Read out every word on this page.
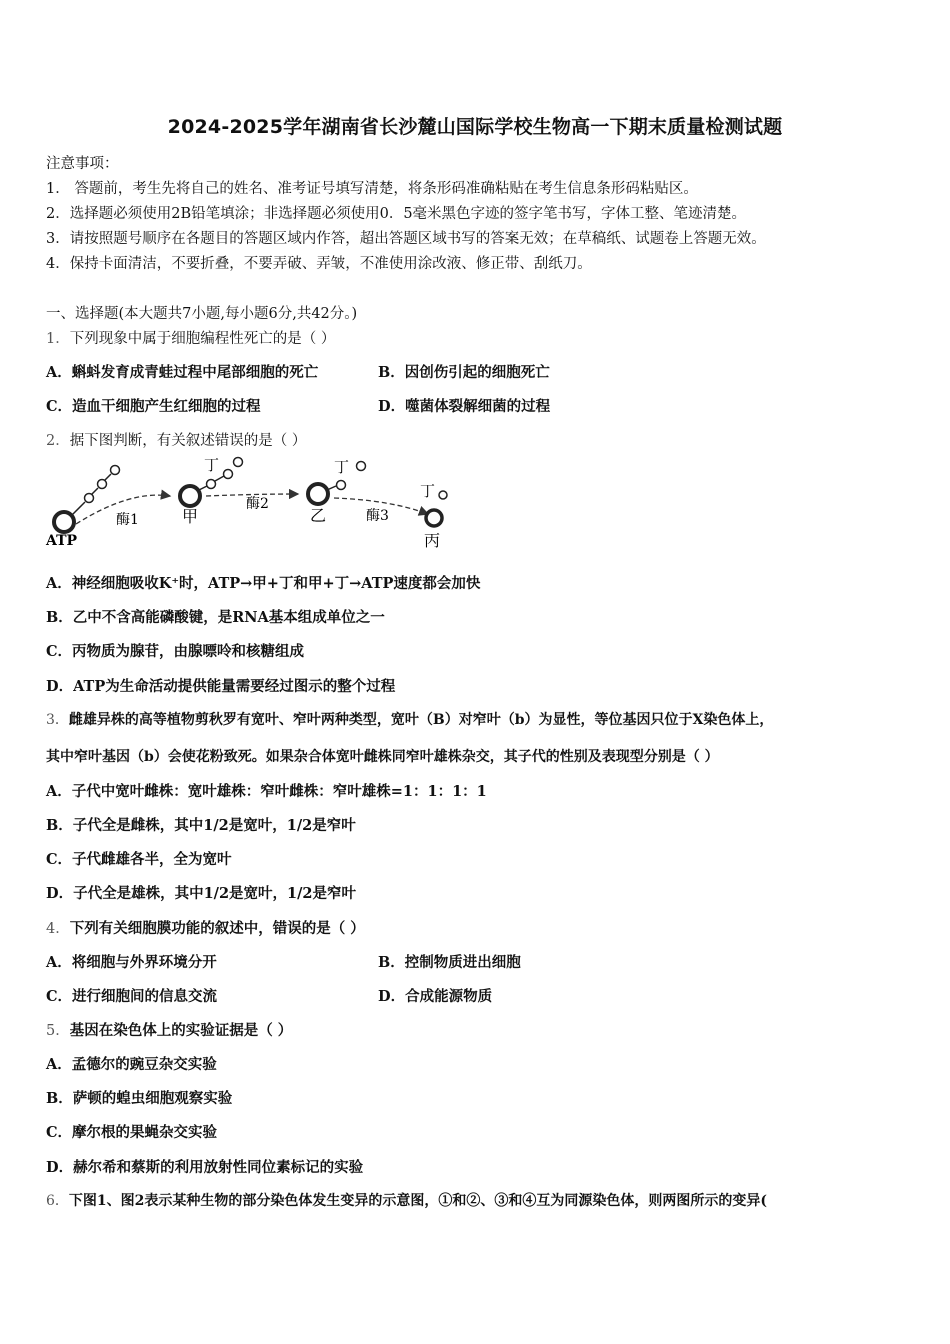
2024-2025学年湖南省长沙麓山国际学校生物高一下期末质量检测试题
注意事项：
1． 答题前，考生先将自己的姓名、准考证号填写清楚，将条形码准确粘贴在考生信息条形码粘贴区。
2．选择题必须使用2B铅笔填涂；非选择题必须使用0．5毫米黑色字迹的签字笔书写，字体工整、笔迹清楚。
3．请按照题号顺序在各题目的答题区域内作答，超出答题区域书写的答案无效；在草稿纸、试题卷上答题无效。
4．保持卡面清洁，不要折叠，不要弄破、弄皱，不准使用涂改液、修正带、刮纸刀。
一、选择题(本大题共7小题,每小题6分,共42分。)
1．下列现象中属于细胞编程性死亡的是（ ）
A．蝌蚪发育成青蛙过程中尾部细胞的死亡	B．因创伤引起的细胞死亡
C．造血干细胞产生红细胞的过程	D．噬菌体裂解细菌的过程
2．据下图判断，有关叙述错误的是（ ）
ATP
酶1	甲
丁
酶2
乙
丁
酶3
丁
丙
A．神经细胞吸收K⁺时，ATP→甲+丁和甲+丁→ATP速度都会加快
B．乙中不含高能磷酸键，是RNA基本组成单位之一
C．丙物质为腺苷，由腺嘌呤和核糖组成
D．ATP为生命活动提供能量需要经过图示的整个过程
3．雌雄异株的高等植物剪秋罗有宽叶、窄叶两种类型，宽叶（B）对窄叶（b）为显性，等位基因只位于X染色体上，
其中窄叶基因（b）会使花粉致死。如果杂合体宽叶雌株同窄叶雄株杂交，其子代的性别及表现型分别是（ ）
A．子代中宽叶雌株：宽叶雄株：窄叶雌株：窄叶雄株=1：1：1：1
B．子代全是雌株，其中1/2是宽叶，1/2是窄叶
C．子代雌雄各半，全为宽叶
D．子代全是雄株，其中1/2是宽叶，1/2是窄叶
4．下列有关细胞膜功能的叙述中，错误的是（ ）
A．将细胞与外界环境分开	B．控制物质进出细胞
C．进行细胞间的信息交流	D．合成能源物质
5．基因在染色体上的实验证据是（ ）
A．孟德尔的豌豆杂交实验
B．萨顿的蝗虫细胞观察实验
C．摩尔根的果蝇杂交实验
D．赫尔希和蔡斯的利用放射性同位素标记的实验
6．下图1、图2表示某种生物的部分染色体发生变异的示意图，①和②、③和④互为同源染色体，则两图所示的变异(
